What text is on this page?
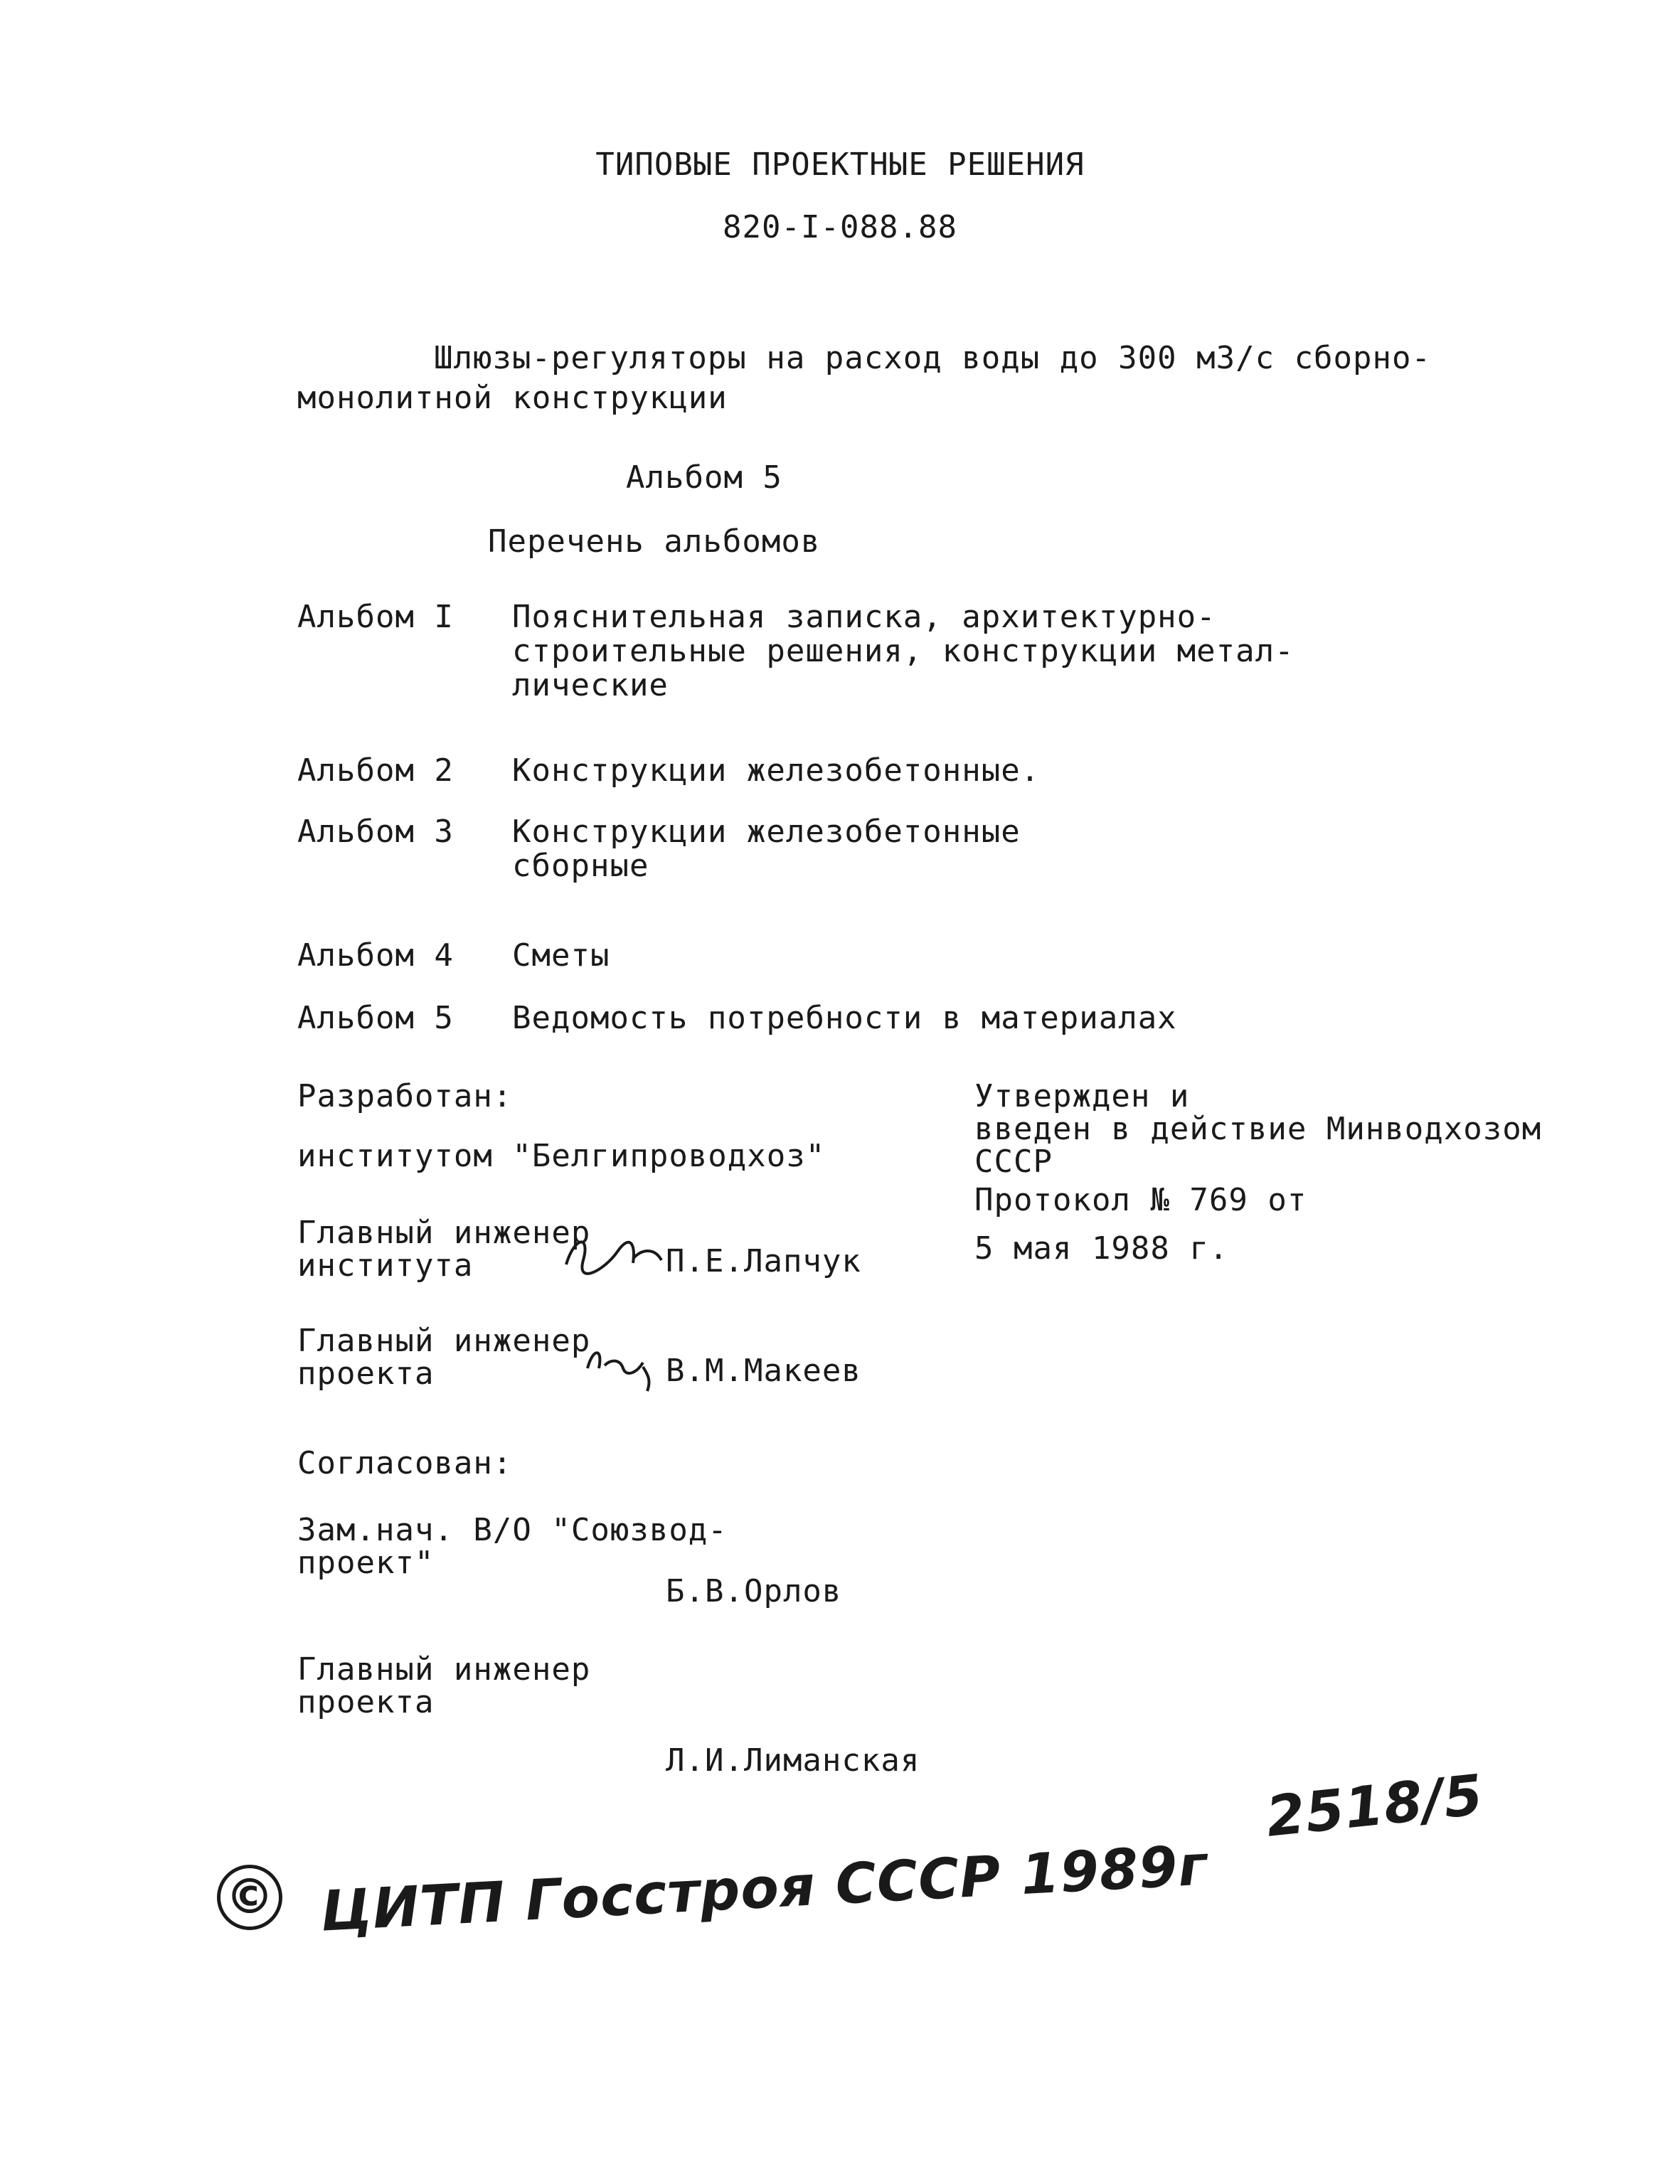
ТИПОВЫЕ ПРОЕКТНЫЕ РЕШЕНИЯ
820-I-088.88
Шлюзы-регуляторы на расход воды до 300 м3/с сборно-
монолитной конструкции
Альбом 5
Перечень альбомов
Альбом I Пояснительная записка, архитектурно-
строительные решения, конструкции метал-
лические
Альбом 2 Конструкции железобетонные.
Альбом 3 Конструкции железобетонные
сборные
Альбом 4 Сметы
Альбом 5 Ведомость потребности в материалах
Разработан:
институтом "Белгипроводхоз"
Главный инженер
института	П.Е.Лапчук
Главный инженер
проекта	В.М.Макеев
Утвержден и
введен в действие Минводхозом
СССР
Протокол № 769 от
5 мая 1988 г.
Согласован:
Зам.нач. В/О "Союзвод-
проект"
Б.В.Орлов
Главный инженер
проекта
Л.И.Лиманская
2518/5
© ЦИТП Госстроя СССР 1989г
